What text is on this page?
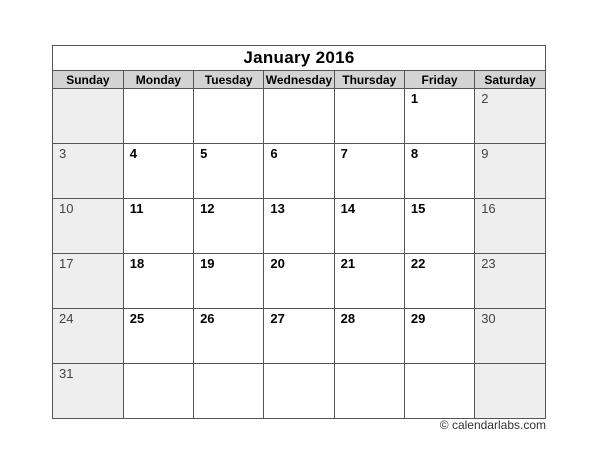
January 2016
Sunday	Monday	Tuesday	Wednesday	Thursday	Friday	Saturday

					1	2

3	4	5	6	7	8	9

10	11	12	13	14	15	16

17	18	19	20	21	22	23

24	25	26	27	28	29	30

31						

© calendarlabs.com
